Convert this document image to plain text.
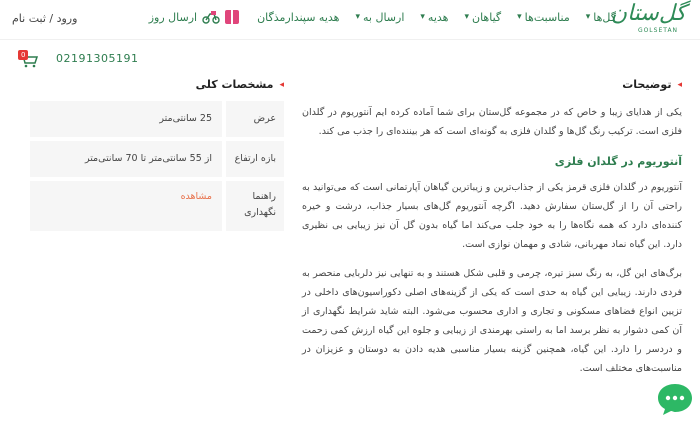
گل‌ستان
GOLSETAN
گل‌ها
▾
مناسبت‌ها
▾
گیاهان
▾
هدیه
▾
ارسال به
▾
هدیه سپندارمذگان
ارسال روز
ورود / ثبت نام
02191305191
0
◂
توضیحات

یکی از هدایای زیبا و خاص که در مجموعه گل‌ستان برای شما آماده کرده ایم آنتوریوم در گلدان فلزی است. ترکیب رنگ گل‌ها و گلدان فلزی به گونه‌ای است که هر بیننده‌ای را جذب می کند.

آنتوریوم در گلدان فلزی

آنتوریوم در گلدان فلزی قرمز یکی از جذاب‌ترین و زیباترین گیاهان آپارتمانی است که می‌توانید به راحتی آن را از گل‌ستان سفارش دهید. اگرچه آنتوریوم گل‌های بسیار جذاب، درشت و خیره کننده‌ای دارد که همه نگاه‌ها را به خود جلب می‌کند اما گیاه بدون گل آن نیز زیبایی بی نظیری دارد. این گیاه نماد مهربانی، شادی و مهمان نوازی است.

برگ‌های این گل، به رنگ سبز تیره، چرمی و قلبی شکل هستند و به تنهایی نیز دلربایی منحصر به فردی دارند. زیبایی این گیاه به حدی است که یکی از گزینه‌های اصلی دکوراسیون‌های داخلی در تزیین انواع فضاهای مسکونی و تجاری و اداری محسوب می‌شود. البته شاید شرایط نگهداری از آن کمی دشوار به نظر برسد اما به راستی بهرمندی از زیبایی و جلوه این گیاه ارزش کمی زحمت و دردسر را دارد. این گیاه، همچنین گزینه بسیار مناسبی هدیه دادن به دوستان و عزیزان در مناسبت‌های مختلف است.

◂
مشخصات کلی
عرض
25 سانتی‌متر
بازه ارتفاع
از 55 سانتی‌متر تا 70 سانتی‌متر
راهنما نگهداری
مشاهده
